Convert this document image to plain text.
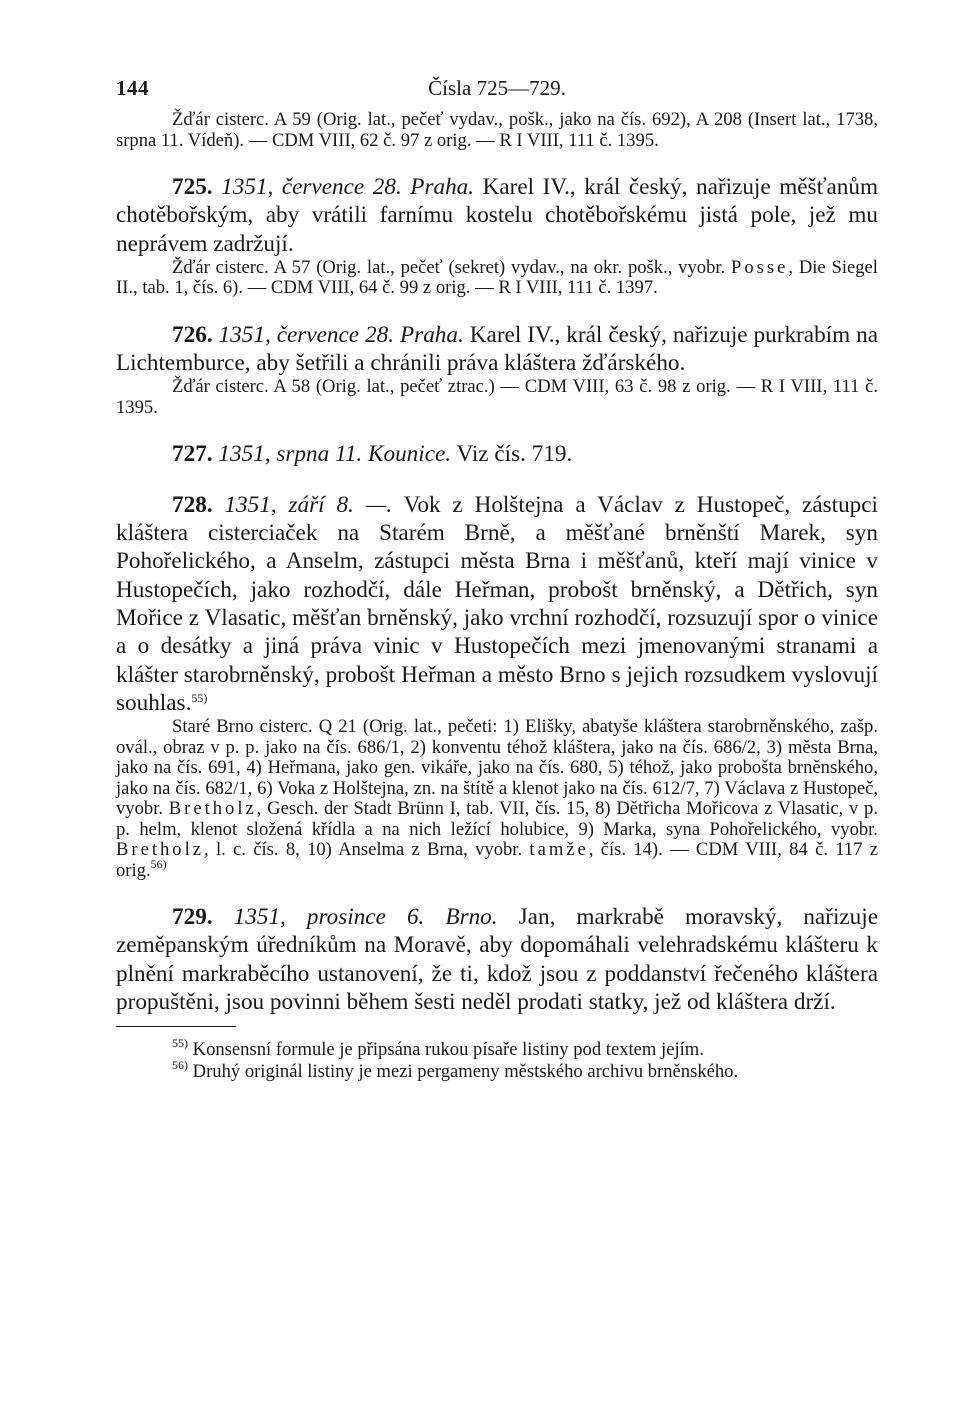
144	Čísla 725—729.

Žďár cisterc. A 59 (Orig. lat., pečeť vydav., pošk., jako na čís. 692), A 208 (Insert lat., 1738, srpna 11. Vídeň). — CDM VIII, 62 č. 97 z orig. — R I VIII, 111 č. 1395.

725. 1351, července 28. Praha. Karel IV., král český, nařizuje měšťanům chotěbořským, aby vrátili farnímu kostelu chotěbořskému jistá pole, jež mu neprávem zadržují.

Žďár cisterc. A 57 (Orig. lat., pečeť (sekret) vydav., na okr. pošk., vyobr. Posse, Die Siegel II., tab. 1, čís. 6). — CDM VIII, 64 č. 99 z orig. — R I VIII, 111 č. 1397.

726. 1351, července 28. Praha. Karel IV., král český, nařizuje purkrabím na Lichtemburce, aby šetřili a chránili práva kláštera žďárského.

Žďár cisterc. A 58 (Orig. lat., pečeť ztrac.) — CDM VIII, 63 č. 98 z orig. — R I VIII, 111 č. 1395.

727. 1351, srpna 11. Kounice. Viz čís. 719.

728. 1351, září 8. —. Vok z Holštejna a Václav z Hustopeč, zástupci kláštera cisterciaček na Starém Brně, a měšťané brněnští Marek, syn Pohořelického, a Anselm, zástupci města Brna i měšťanů, kteří mají vinice v Hustopečích, jako rozhodčí, dále Heřman, probošt brněnský, a Dětřich, syn Mořice z Vlasatic, měšťan brněnský, jako vrchní rozhodčí, rozsuzují spor o vinice a o desátky a jiná práva vinic v Hustopečích mezi jmenovanými stranami a klášter starobrněnský, probošt Heřman a město Brno s jejich rozsudkem vyslovují souhlas.$^{55)}$

Staré Brno cisterc. Q 21 (Orig. lat., pečeti: 1) Elišky, abatyše kláštera starobrněnského, zašp. ovál., obraz v p. p. jako na čís. 686/1, 2) konventu téhož kláštera, jako na čís. 686/2, 3) města Brna, jako na čís. 691, 4) Heřmana, jako gen. vikáře, jako na čís. 680, 5) téhož, jako probošta brněnského, jako na čís. 682/1, 6) Voka z Holštejna, zn. na štítě a klenot jako na čís. 612/7, 7) Václava z Hustopeč, vyobr. Bretholz, Gesch. der Stadt Brünn I, tab. VII, čís. 15, 8) Dětřicha Mořicova z Vlasatic, v p. p. helm, klenot složená křídla a na nich ležící holubice, 9) Marka, syna Pohořelického, vyobr. Bretholz, l. c. čís. 8, 10) Anselma z Brna, vyobr. tamže, čís. 14). — CDM VIII, 84 č. 117 z orig.$^{56)}$

729. 1351, prosince 6. Brno. Jan, markrabě moravský, nařizuje zeměpanským úředníkům na Moravě, aby dopomáhali velehradskému klášteru k plnění markraběcího ustanovení, že ti, kdož jsou z poddanství řečeného kláštera propuštěni, jsou povinni během šesti neděl prodati statky, jež od kláštera drží.

$^{55)}$ Konsensní formule je připsána rukou písaře listiny pod textem jejím.

$^{56)}$ Druhý originál listiny je mezi pergameny městského archivu brněnského.
